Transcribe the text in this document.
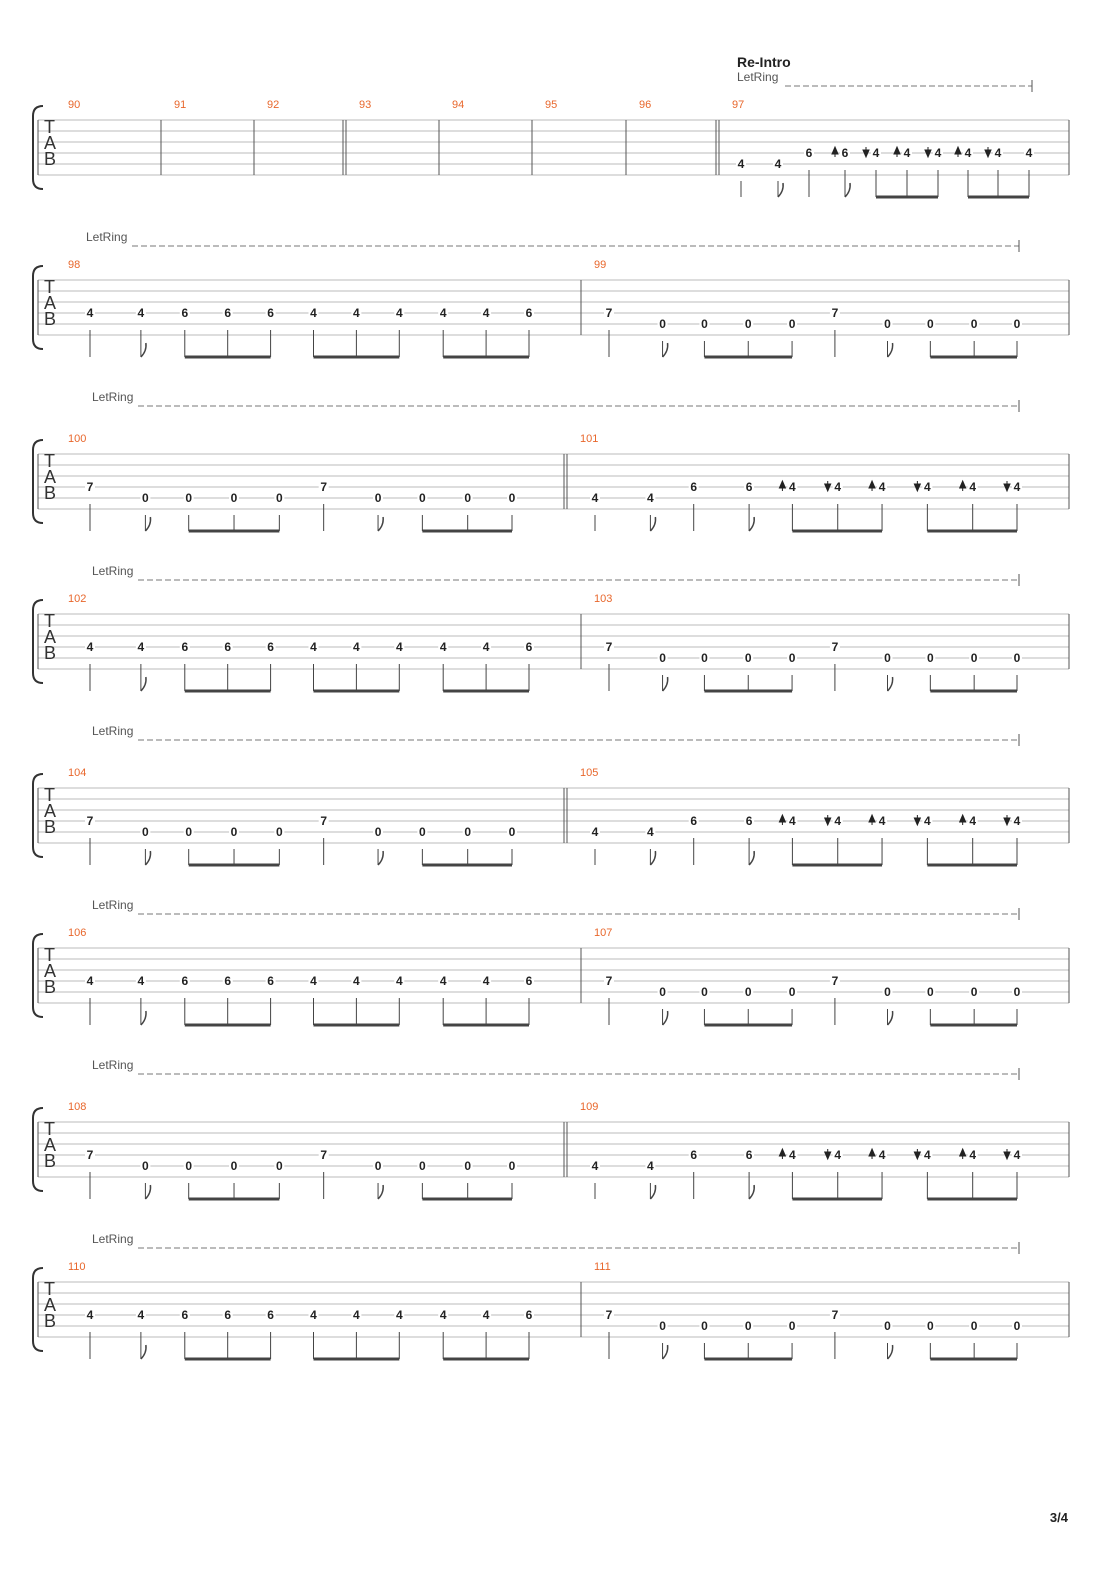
3/4
Re-Intro
LetRing
T
A
B
90	91	92	93	94	95	96	97
4	4
6 6 4 4 4 4 4 4
LetRing
T
A
B
98
4	4	6	6	6	4	4	4	4	4	6
99
7
0	0	0	0
7
0	0	0	0
LetRing
T
A
B
100
7
0	0	0	0
7
0	0	0	0
101
4	4
6	6	4	4	4	4	4	4
LetRing
T
A
B
102
4	4	6	6	6	4	4	4	4	4	6
103
7
0	0	0	0
7
0	0	0	0
LetRing
T
A
B
104
7
0	0	0	0
7
0	0	0	0
105
4	4
6	6	4	4	4	4	4	4
LetRing
T
A
B
106
4	4	6	6	6	4	4	4	4	4	6
107
7
0	0	0	0
7
0	0	0	0
LetRing
T
A
B
108
7
0	0	0	0
7
0	0	0	0
109
4	4
6	6	4	4	4	4	4	4
LetRing
T
A
B
110
4	4	6	6	6	4	4	4	4	4	6
111
7
0	0	0	0
7
0	0	0	0
